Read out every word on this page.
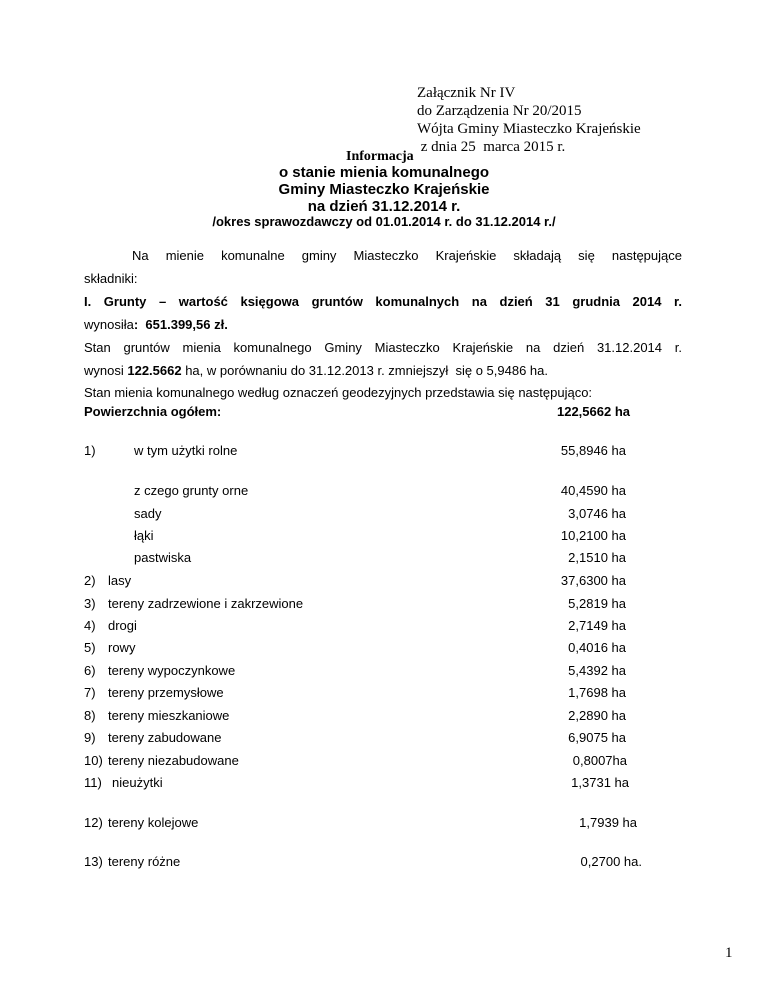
Załącznik Nr IV
do Zarządzenia Nr 20/2015
Wójta Gminy Miasteczko Krajeńskie
z dnia 25  marca 2015 r.
Informacja
o stanie mienia komunalnego
Gminy Miasteczko Krajeńskie
na dzień 31.12.2014 r.
/okres sprawozdawczy od 01.01.2014 r. do 31.12.2014 r./
Na mienie komunalne gminy Miasteczko Krajeńskie składają się następujące
składniki:
I. Grunty – wartość księgowa gruntów komunalnych na dzień 31 grudnia 2014 r.
wynosiła:  651.399,56 zł.
Stan gruntów mienia komunalnego Gminy Miasteczko Krajeńskie na dzień 31.12.2014 r.
wynosi 122.5662 ha, w porównaniu do 31.12.2013 r. zmniejszył  się o 5,9486 ha.
Stan mienia komunalnego według oznaczeń geodezyjnych przedstawia się następująco:
Powierzchnia ogółem:	122,5662 ha
1)	w tym użytki rolne	55,8946 ha
z czego grunty orne	40,4590 ha
sady	3,0746 ha
łąki	10,2100 ha
pastwiska	2,1510 ha
2) lasy	37,6300 ha
3) tereny zadrzewione i zakrzewione	5,2819 ha
4) drogi	2,7149 ha
5) rowy	0,4016 ha
6) tereny wypoczynkowe	5,4392 ha
7) tereny przemysłowe	1,7698 ha
8) tereny mieszkaniowe	2,2890 ha
9) tereny zabudowane	6,9075 ha
10) tereny niezabudowane	0,8007ha
11) nieużytki	1,3731 ha
12) tereny kolejowe	1,7939 ha
13) tereny różne	0,2700 ha.
1
